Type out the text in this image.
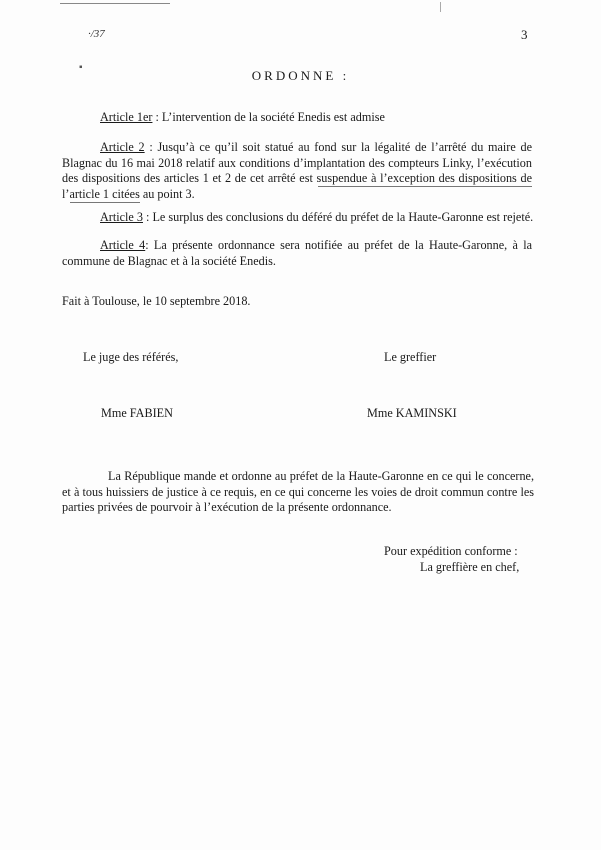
∙/37
▪
3
ORDONNE :
Article 1er : L’intervention de la société Enedis est admise
Article 2 : Jusqu’à ce qu’il soit statué au fond sur la légalité de l’arrêté du maire de Blagnac du 16 mai 2018 relatif aux conditions d’implantation des compteurs Linky, l’exécution des dispositions des articles 1 et 2 de cet arrêté est suspendue à l’exception des dispositions de l’article 1 citées au point 3.
Article 3 : Le surplus des conclusions du déféré du préfet de la Haute-Garonne est rejeté.
Article 4: La présente ordonnance sera notifiée au préfet de la Haute-Garonne, à la commune de Blagnac et à la société Enedis.
Fait à Toulouse, le 10 septembre 2018.
Le juge des référés,	Le greffier
Mme FABIEN	Mme KAMINSKI
La République mande et ordonne au préfet de la Haute-Garonne en ce qui le concerne, et à tous huissiers de justice à ce requis, en ce qui concerne les voies de droit commun contre les parties privées de pourvoir à l’exécution de la présente ordonnance.
Pour expédition conforme :
La greffière en chef,
